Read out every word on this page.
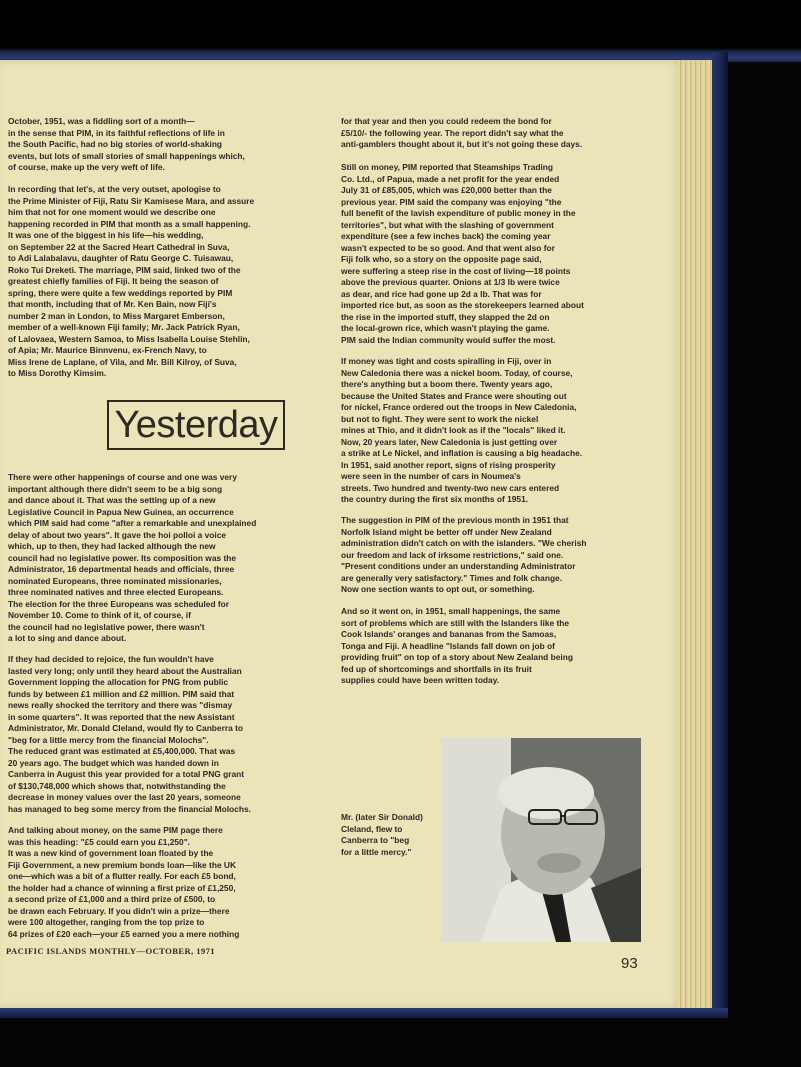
October, 1951, was a fiddling sort of a month—
in the sense that PIM, in its faithful reflections of life in
the South Pacific, had no big stories of world-shaking
events, but lots of small stories of small happenings which,
of course, make up the very weft of life.

In recording that let's, at the very outset, apologise to
the Prime Minister of Fiji, Ratu Sir Kamisese Mara, and assure
him that not for one moment would we describe one
happening recorded in PIM that month as a small happening.
It was one of the biggest in his life—his wedding,
on September 22 at the Sacred Heart Cathedral in Suva,
to Adi Lalabalavu, daughter of Ratu George C. Tuisawau,
Roko Tui Dreketi. The marriage, PIM said, linked two of the
greatest chiefly families of Fiji. It being the season of
spring, there were quite a few weddings reported by PIM
that month, including that of Mr. Ken Bain, now Fiji's
number 2 man in London, to Miss Margaret Emberson,
member of a well-known Fiji family; Mr. Jack Patrick Ryan,
of Lalovaea, Western Samoa, to Miss Isabella Louise Stehlin,
of Apia; Mr. Maurice Binnvenu, ex-French Navy, to
Miss Irene de Laplane, of Vila, and Mr. Bill Kilroy, of Suva,
to Miss Dorothy Kimsim.

Yesterday

There were other happenings of course and one was very
important although there didn't seem to be a big song
and dance about it. That was the setting up of a new
Legislative Council in Papua New Guinea, an occurrence
which PIM said had come "after a remarkable and unexplained
delay of about two years". It gave the hoi polloi a voice
which, up to then, they had lacked although the new
council had no legislative power. Its composition was the
Administrator, 16 departmental heads and officials, three
nominated Europeans, three nominated missionaries,
three nominated natives and three elected Europeans.
The election for the three Europeans was scheduled for
November 10. Come to think of it, of course, if
the council had no legislative power, there wasn't
a lot to sing and dance about.

If they had decided to rejoice, the fun wouldn't have
lasted very long; only until they heard about the Australian
Government lopping the allocation for PNG from public
funds by between £1 million and £2 million. PIM said that
news really shocked the territory and there was "dismay
in some quarters". It was reported that the new Assistant
Administrator, Mr. Donald Cleland, would fly to Canberra to
"beg for a little mercy from the financial Molochs".
The reduced grant was estimated at £5,400,000. That was
20 years ago. The budget which was handed down in
Canberra in August this year provided for a total PNG grant
of $130,748,000 which shows that, notwithstanding the
decrease in money values over the last 20 years, someone
has managed to beg some mercy from the financial Molochs.

And talking about money, on the same PIM page there
was this heading: "£5 could earn you £1,250".
It was a new kind of government loan floated by the
Fiji Government, a new premium bonds loan—like the UK
one—which was a bit of a flutter really. For each £5 bond,
the holder had a chance of winning a first prize of £1,250,
a second prize of £1,000 and a third prize of £500, to
be drawn each February. If you didn't win a prize—there
were 100 altogether, ranging from the top prize to
64 prizes of £20 each—your £5 earned you a mere nothing

for that year and then you could redeem the bond for
£5/10/- the following year. The report didn't say what the
anti-gamblers thought about it, but it's not going these days.

Still on money, PIM reported that Steamships Trading
Co. Ltd., of Papua, made a net profit for the year ended
July 31 of £85,005, which was £20,000 better than the
previous year. PIM said the company was enjoying "the
full benefit of the lavish expenditure of public money in the
territories", but what with the slashing of government
expenditure (see a few inches back) the coming year
wasn't expected to be so good. And that went also for
Fiji folk who, so a story on the opposite page said,
were suffering a steep rise in the cost of living—18 points
above the previous quarter. Onions at 1/3 lb were twice
as dear, and rice had gone up 2d a lb. That was for
imported rice but, as soon as the storekeepers learned about
the rise in the imported stuff, they slapped the 2d on
the local-grown rice, which wasn't playing the game.
PIM said the Indian community would suffer the most.

If money was tight and costs spiralling in Fiji, over in
New Caledonia there was a nickel boom. Today, of course,
there's anything but a boom there. Twenty years ago,
because the United States and France were shouting out
for nickel, France ordered out the troops in New Caledonia,
but not to fight. They were sent to work the nickel
mines at Thio, and it didn't look as if the "locals" liked it.
Now, 20 years later, New Caledonia is just getting over
a strike at Le Nickel, and inflation is causing a big headache.
In 1951, said another report, signs of rising prosperity
were seen in the number of cars in Noumea's
streets. Two hundred and twenty-two new cars entered
the country during the first six months of 1951.

The suggestion in PIM of the previous month in 1951 that
Norfolk Island might be better off under New Zealand
administration didn't catch on with the islanders. "We cherish
our freedom and lack of irksome restrictions," said one.
"Present conditions under an understanding Administrator
are generally very satisfactory." Times and folk change.
Now one section wants to opt out, or something.

And so it went on, in 1951, small happenings, the same
sort of problems which are still with the Islanders like the
Cook Islands' oranges and bananas from the Samoas,
Tonga and Fiji. A headline "Islands fall down on job of
providing fruit" on top of a story about New Zealand being
fed up of shortcomings and shortfalls in its fruit
supplies could have been written today.

Mr. (later Sir Donald)
Cleland, flew to
Canberra to "beg
for a little mercy."

PACIFIC ISLANDS MONTHLY—OCTOBER, 1971
93
